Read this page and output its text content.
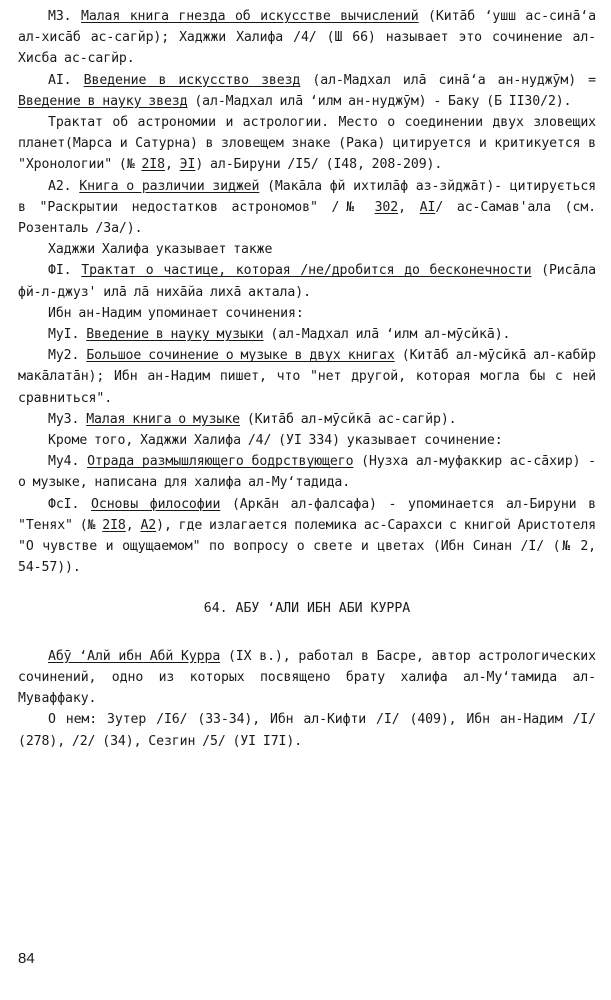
МЗ. Малая книга гнезда об искусстве вычислений (Китāб ‘ушш ас-синā‘а ал-хисāб ас-сагйр); Хаджжи Халифа /4/ (Ш 66) называет это сочинение ал-Хисба ас-сагйр.

АI. Введение в искусство звезд (ал-Мадхал илā синā‘а ан-нуджӯм) = Введение в науку звезд (ал-Мадхал илā ‘илм ан-нуджӯм) - Баку (Б II30/2).

Трактат об астрономии и астрологии. Место о соединении двух зловещих планет(Марса и Сатурна) в зловещем знаке (Рака) цитируется и критикуется в "Хронологии" (№ 2I8, ЭI) ал-Бируни /I5/ (I48, 208-209).

А2. Книга о различии зиджей (Макāла фй ихтилāф аз-зйджāт)- цитирується в "Раскрытии недостатков астрономов" /№ 302, АI/ ас-Самав'ала (см. Розенталь /За/).

Хаджжи Халифа указывает также

ФI. Трактат о частице, которая /не/дробится до бесконечности (Рисāла фй-л-джуз' илā лā нихāйа лихā актала).

Ибн ан-Надим упоминает сочинения:

МуI. Введение в науку музыки (ал-Мадхал илā ‘илм ал-мӯсйкā).

Му2. Большое сочинение о музыке в двух книгах (Китāб ал-мӯсйкā ал-кабйр макāлатāн); Ибн ан-Надим пишет, что "нет другой, которая могла бы с ней сравниться".

Му3. Малая книга о музыке (Китāб ал-мӯсйкā ас-сагйр).

Кроме того, Хаджжи Халифа /4/ (УI 334) указывает сочинение:

Му4. Отрада размышляющего бодрствующего (Нузха ал-муфаккир ас-сāхир) - о музыке, написана для халифа ал-Му‘тадида.

ФсI. Основы философии (Аркāн ал-фалсафа) - упоминается ал-Бируни в "Тенях" (№ 2I8, А2), где излагается полемика ас-Сарахси с книгой Аристотеля "О чувстве и ощущаемом" по вопросу о свете и цветах (Ибн Синан /I/ (№ 2, 54-57)).

64. АБУ ‘АЛИ ИБН АБИ КУРРА

Абӯ ‘Алй ибн Абй Курра (IX в.), работал в Басре, автор астрологических сочинений, одно из которых посвящено брату халифа ал-Му‘тамида ал-Муваффаку.

О нем: Зутер /I6/ (33-34), Ибн ал-Кифти /I/ (409), Ибн ан-Надим /I/ (278), /2/ (34), Сезгин /5/ (УI I7I).

84
